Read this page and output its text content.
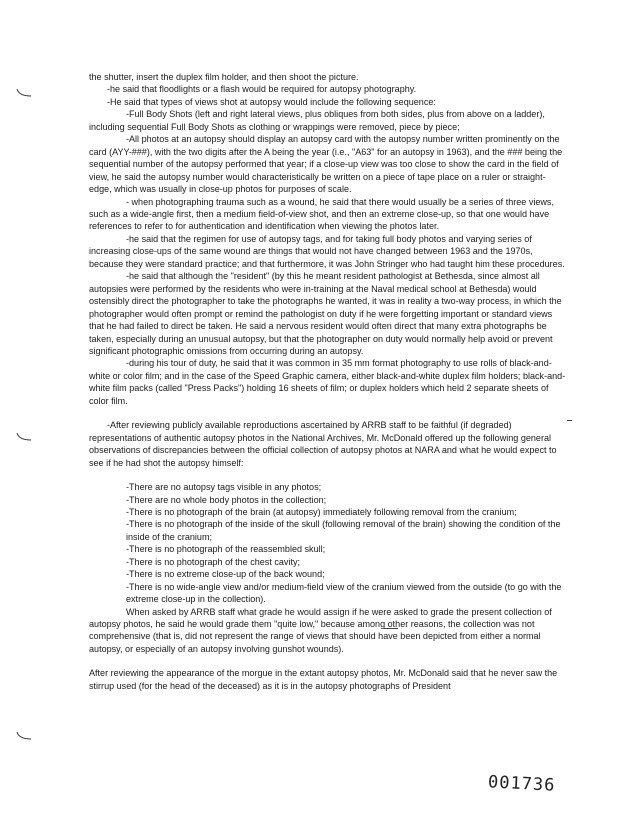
the shutter, insert the duplex film holder, and then shoot the picture.

-he said that floodlights or a flash would be required for autopsy photography.

-He said that types of views shot at autopsy would include the following sequence:

-Full Body Shots (left and right lateral views, plus obliques from both sides, plus from above on a ladder), including sequential Full Body Shots as clothing or wrappings were removed, piece by piece;

-All photos at an autopsy should display an autopsy card with the autopsy number written prominently on the card (AYY-###), with the two digits after the A being the year (i.e., "A63" for an autopsy in 1963), and the ### being the sequential number of the autopsy performed that year; if a close-up view was too close to show the card in the field of view, he said the autopsy number would characteristically be written on a piece of tape place on a ruler or straight-edge, which was usually in close-up photos for purposes of scale.

- when photographing trauma such as a wound, he said that there would usually be a series of three views, such as a wide-angle first, then a medium field-of-view shot, and then an extreme close-up, so that one would have references to refer to for authentication and identification when viewing the photos later.

-he said that the regimen for use of autopsy tags, and for taking full body photos and varying series of increasing close-ups of the same wound are things that would not have changed between 1963 and the 1970s, because they were standard practice; and that furthermore, it was John Stringer who had taught him these procedures.

-he said that although the "resident" (by this he meant resident pathologist at Bethesda, since almost all autopsies were performed by the residents who were in-training at the Naval medical school at Bethesda) would ostensibly direct the photographer to take the photographs he wanted, it was in reality a two-way process, in which the photographer would often prompt or remind the pathologist on duty if he were forgetting important or standard views that he had failed to direct be taken. He said a nervous resident would often direct that many extra photographs be taken, especially during an unusual autopsy, but that the photographer on duty would normally help avoid or prevent significant photographic omissions from occurring during an autopsy.

-during his tour of duty, he said that it was common in 35 mm format photography to use rolls of black-and-white or color film; and in the case of the Speed Graphic camera, either black-and-white duplex film holders; black-and-white film packs (called "Press Packs") holding 16 sheets of film; or duplex holders which held 2 separate sheets of color film.

-After reviewing publicly available reproductions ascertained by ARRB staff to be faithful (if degraded) representations of authentic autopsy photos in the National Archives, Mr. McDonald offered up the following general observations of discrepancies between the official collection of autopsy photos at NARA and what he would expect to see if he had shot the autopsy himself:

-There are no autopsy tags visible in any photos;

-There are no whole body photos in the collection;

-There is no photograph of the brain (at autopsy) immediately following removal from the cranium;

-There is no photograph of the inside of the skull (following removal of the brain) showing the condition of the inside of the cranium;

-There is no photograph of the reassembled skull;

-There is no photograph of the chest cavity;

-There is no extreme close-up of the back wound;

-There is no wide-angle view and/or medium-field view of the cranium viewed from the outside (to go with the extreme close-up in the collection).

When asked by ARRB staff what grade he would assign if he were asked to grade the present collection of autopsy photos, he said he would grade them "quite low," because among other reasons, the collection was not comprehensive (that is, did not represent the range of views that should have been depicted from either a normal autopsy, or especially of an autopsy involving gunshot wounds).

After reviewing the appearance of the morgue in the extant autopsy photos, Mr. McDonald said that he never saw the stirrup used (for the head of the deceased) as it is in the autopsy photographs of President

001736
